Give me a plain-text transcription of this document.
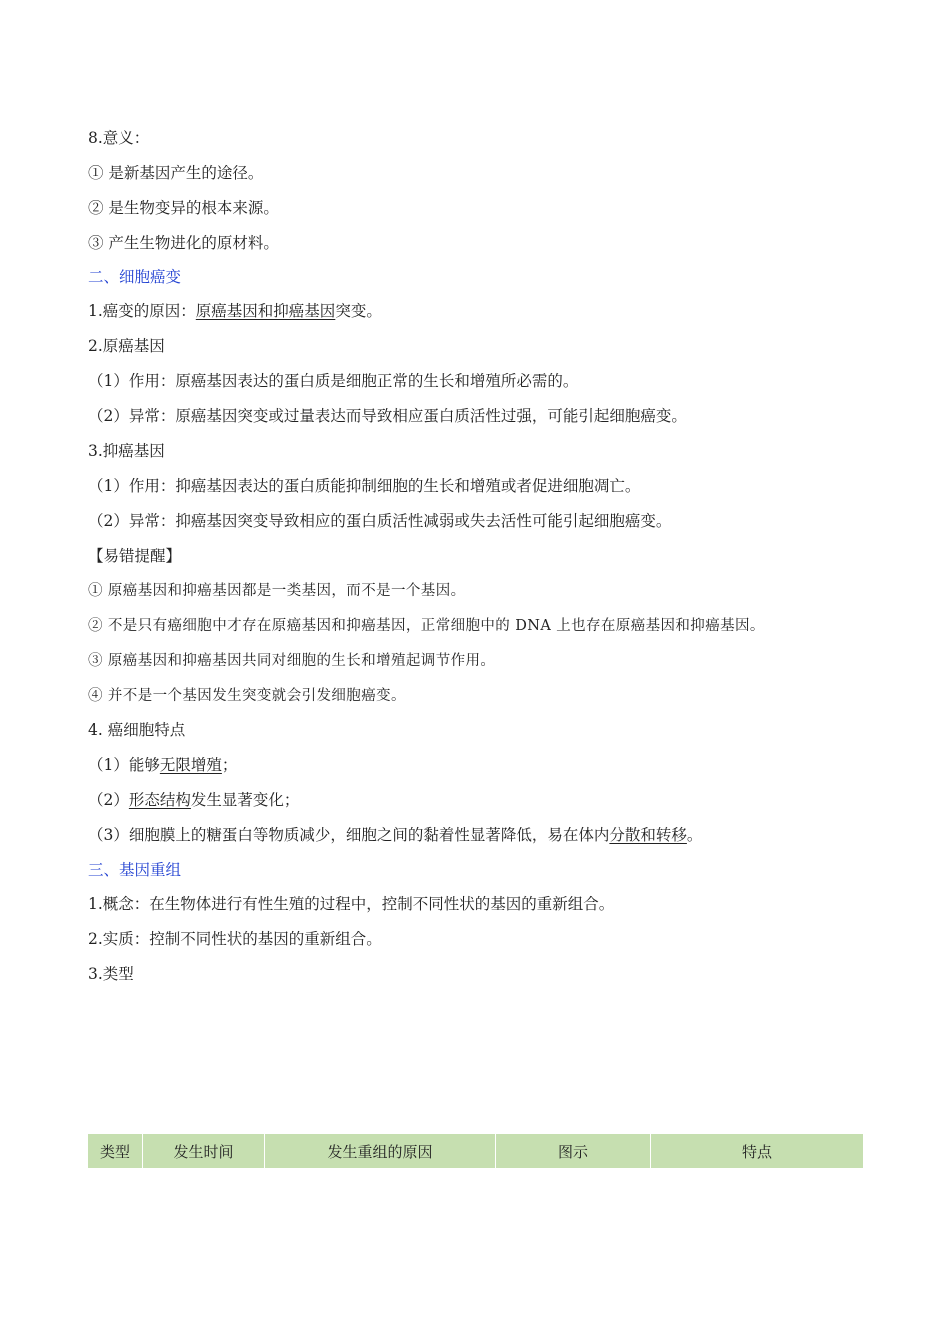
8.意义：
① 是新基因产生的途径。
② 是生物变异的根本来源。
③ 产生生物进化的原材料。
二、细胞癌变
1.癌变的原因：原癌基因和抑癌基因突变。
2.原癌基因
（1）作用：原癌基因表达的蛋白质是细胞正常的生长和增殖所必需的。
（2）异常：原癌基因突变或过量表达而导致相应蛋白质活性过强，可能引起细胞癌变。
3.抑癌基因
（1）作用：抑癌基因表达的蛋白质能抑制细胞的生长和增殖或者促进细胞凋亡。
（2）异常：抑癌基因突变导致相应的蛋白质活性减弱或失去活性可能引起细胞癌变。
【易错提醒】
① 原癌基因和抑癌基因都是一类基因，而不是一个基因。
② 不是只有癌细胞中才存在原癌基因和抑癌基因，正常细胞中的 DNA 上也存在原癌基因和抑癌基因。
③ 原癌基因和抑癌基因共同对细胞的生长和增殖起调节作用。
④ 并不是一个基因发生突变就会引发细胞癌变。
4. 癌细胞特点
（1）能够无限增殖；
（2）形态结构发生显著变化；
（3）细胞膜上的糖蛋白等物质减少，细胞之间的黏着性显著降低，易在体内分散和转移。
三、基因重组
1.概念：在生物体进行有性生殖的过程中，控制不同性状的基因的重新组合。
2.实质：控制不同性状的基因的重新组合。
3.类型
类型	发生时间	发生重组的原因	图示	特点
